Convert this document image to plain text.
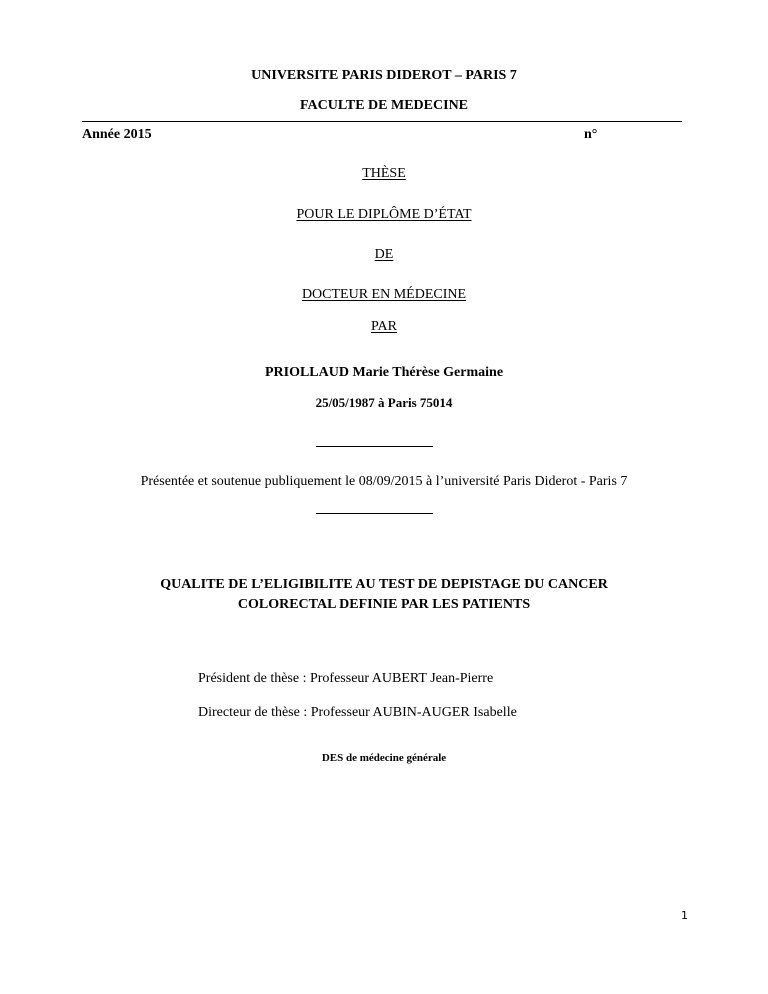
UNIVERSITE PARIS DIDEROT – PARIS 7
FACULTE DE MEDECINE
Année 2015	n°
THÈSE
POUR LE DIPLÔME D’ÉTAT
DE
DOCTEUR EN MÉDECINE
PAR
PRIOLLAUD Marie Thérèse Germaine
25/05/1987 à Paris 75014
Présentée et soutenue publiquement le 08/09/2015 à l’université Paris Diderot - Paris 7
QUALITE DE L’ELIGIBILITE AU TEST DE DEPISTAGE DU CANCER
COLORECTAL DEFINIE PAR LES PATIENTS
Président de thèse : Professeur AUBERT Jean-Pierre
Directeur de thèse : Professeur AUBIN-AUGER Isabelle
DES de médecine générale
1
